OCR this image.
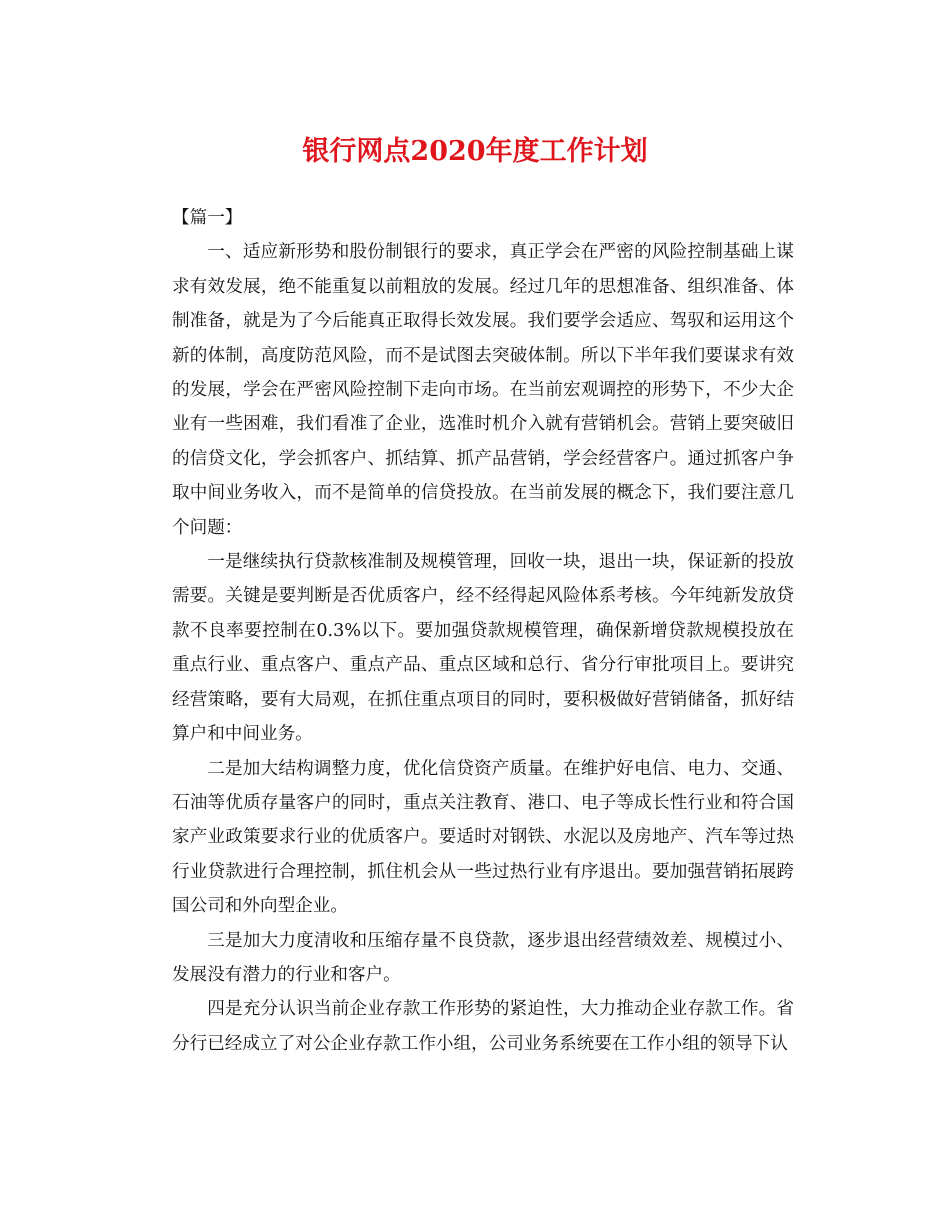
银行网点2020年度工作计划

【篇一】

一、适应新形势和股份制银行的要求，真正学会在严密的风险控制基础上谋求有效发展，绝不能重复以前粗放的发展。经过几年的思想准备、组织准备、体制准备，就是为了今后能真正取得长效发展。我们要学会适应、驾驭和运用这个新的体制，高度防范风险，而不是试图去突破体制。所以下半年我们要谋求有效的发展，学会在严密风险控制下走向市场。在当前宏观调控的形势下，不少大企业有一些困难，我们看准了企业，选准时机介入就有营销机会。营销上要突破旧的信贷文化，学会抓客户、抓结算、抓产品营销，学会经营客户。通过抓客户争取中间业务收入，而不是简单的信贷投放。在当前发展的概念下，我们要注意几个问题：

一是继续执行贷款核准制及规模管理，回收一块，退出一块，保证新的投放需要。关键是要判断是否优质客户，经不经得起风险体系考核。今年纯新发放贷款不良率要控制在0.3%以下。要加强贷款规模管理，确保新增贷款规模投放在重点行业、重点客户、重点产品、重点区域和总行、省分行审批项目上。要讲究经营策略，要有大局观，在抓住重点项目的同时，要积极做好营销储备，抓好结算户和中间业务。

二是加大结构调整力度，优化信贷资产质量。在维护好电信、电力、交通、石油等优质存量客户的同时，重点关注教育、港口、电子等成长性行业和符合国家产业政策要求行业的优质客户。要适时对钢铁、水泥以及房地产、汽车等过热行业贷款进行合理控制，抓住机会从一些过热行业有序退出。要加强营销拓展跨国公司和外向型企业。

三是加大力度清收和压缩存量不良贷款，逐步退出经营绩效差、规模过小、发展没有潜力的行业和客户。

四是充分认识当前企业存款工作形势的紧迫性，大力推动企业存款工作。省分行已经成立了对公企业存款工作小组，公司业务系统要在工作小组的领导下认
